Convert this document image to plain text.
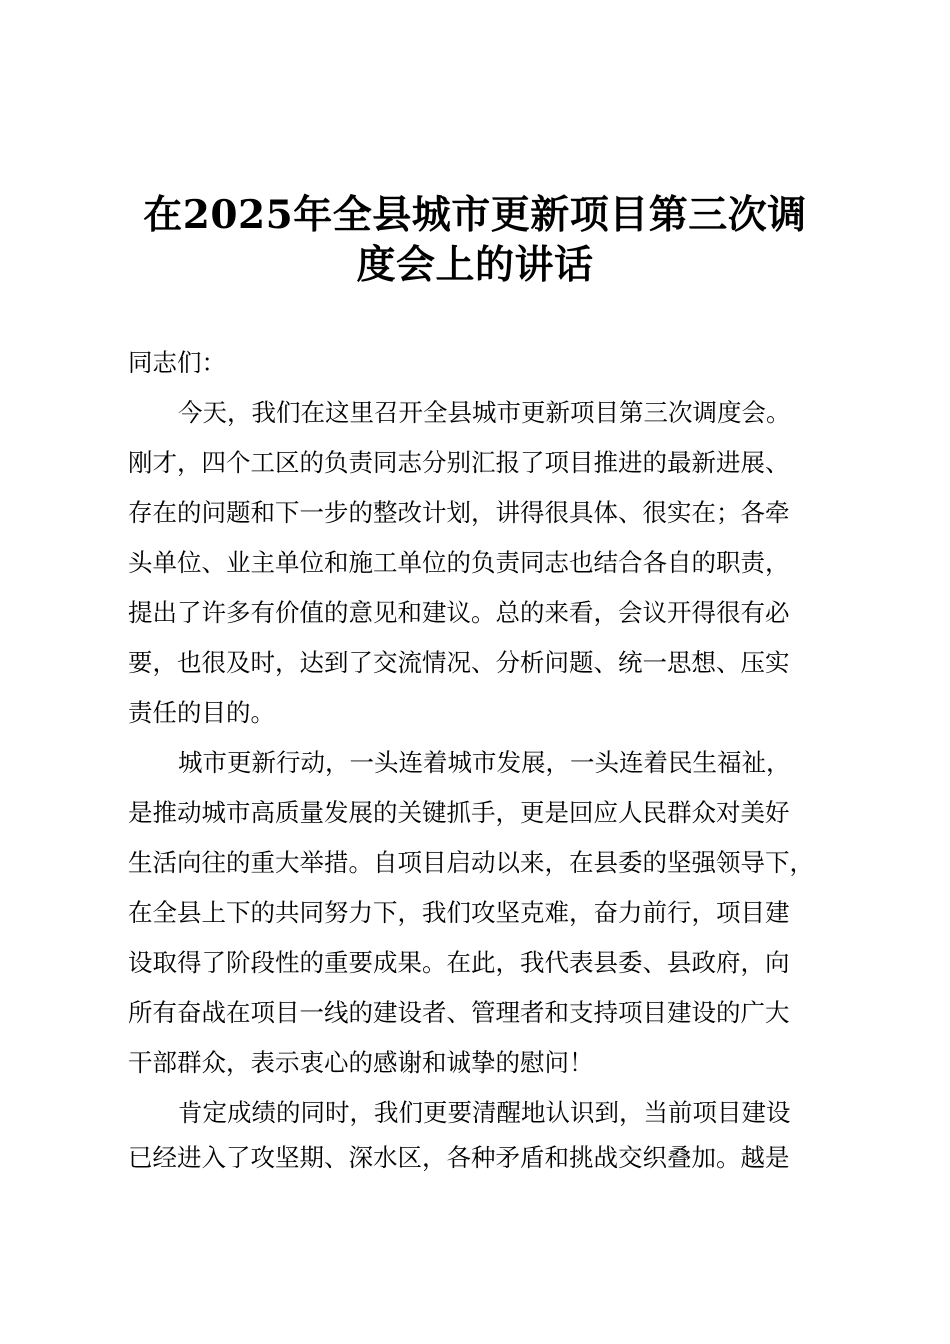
在2025年全县城市更新项目第三次调
度会上的讲话
同志们：
今天，我们在这里召开全县城市更新项目第三次调度会。
刚才，四个工区的负责同志分别汇报了项目推进的最新进展、
存在的问题和下一步的整改计划，讲得很具体、很实在；各牵
头单位、业主单位和施工单位的负责同志也结合各自的职责，
提出了许多有价值的意见和建议。总的来看，会议开得很有必
要，也很及时，达到了交流情况、分析问题、统一思想、压实
责任的目的。
城市更新行动，一头连着城市发展，一头连着民生福祉，
是推动城市高质量发展的关键抓手，更是回应人民群众对美好
生活向往的重大举措。自项目启动以来，在县委的坚强领导下，
在全县上下的共同努力下，我们攻坚克难，奋力前行，项目建
设取得了阶段性的重要成果。在此，我代表县委、县政府，向
所有奋战在项目一线的建设者、管理者和支持项目建设的广大
干部群众，表示衷心的感谢和诚挚的慰问！
肯定成绩的同时，我们更要清醒地认识到，当前项目建设
已经进入了攻坚期、深水区，各种矛盾和挑战交织叠加。越是
